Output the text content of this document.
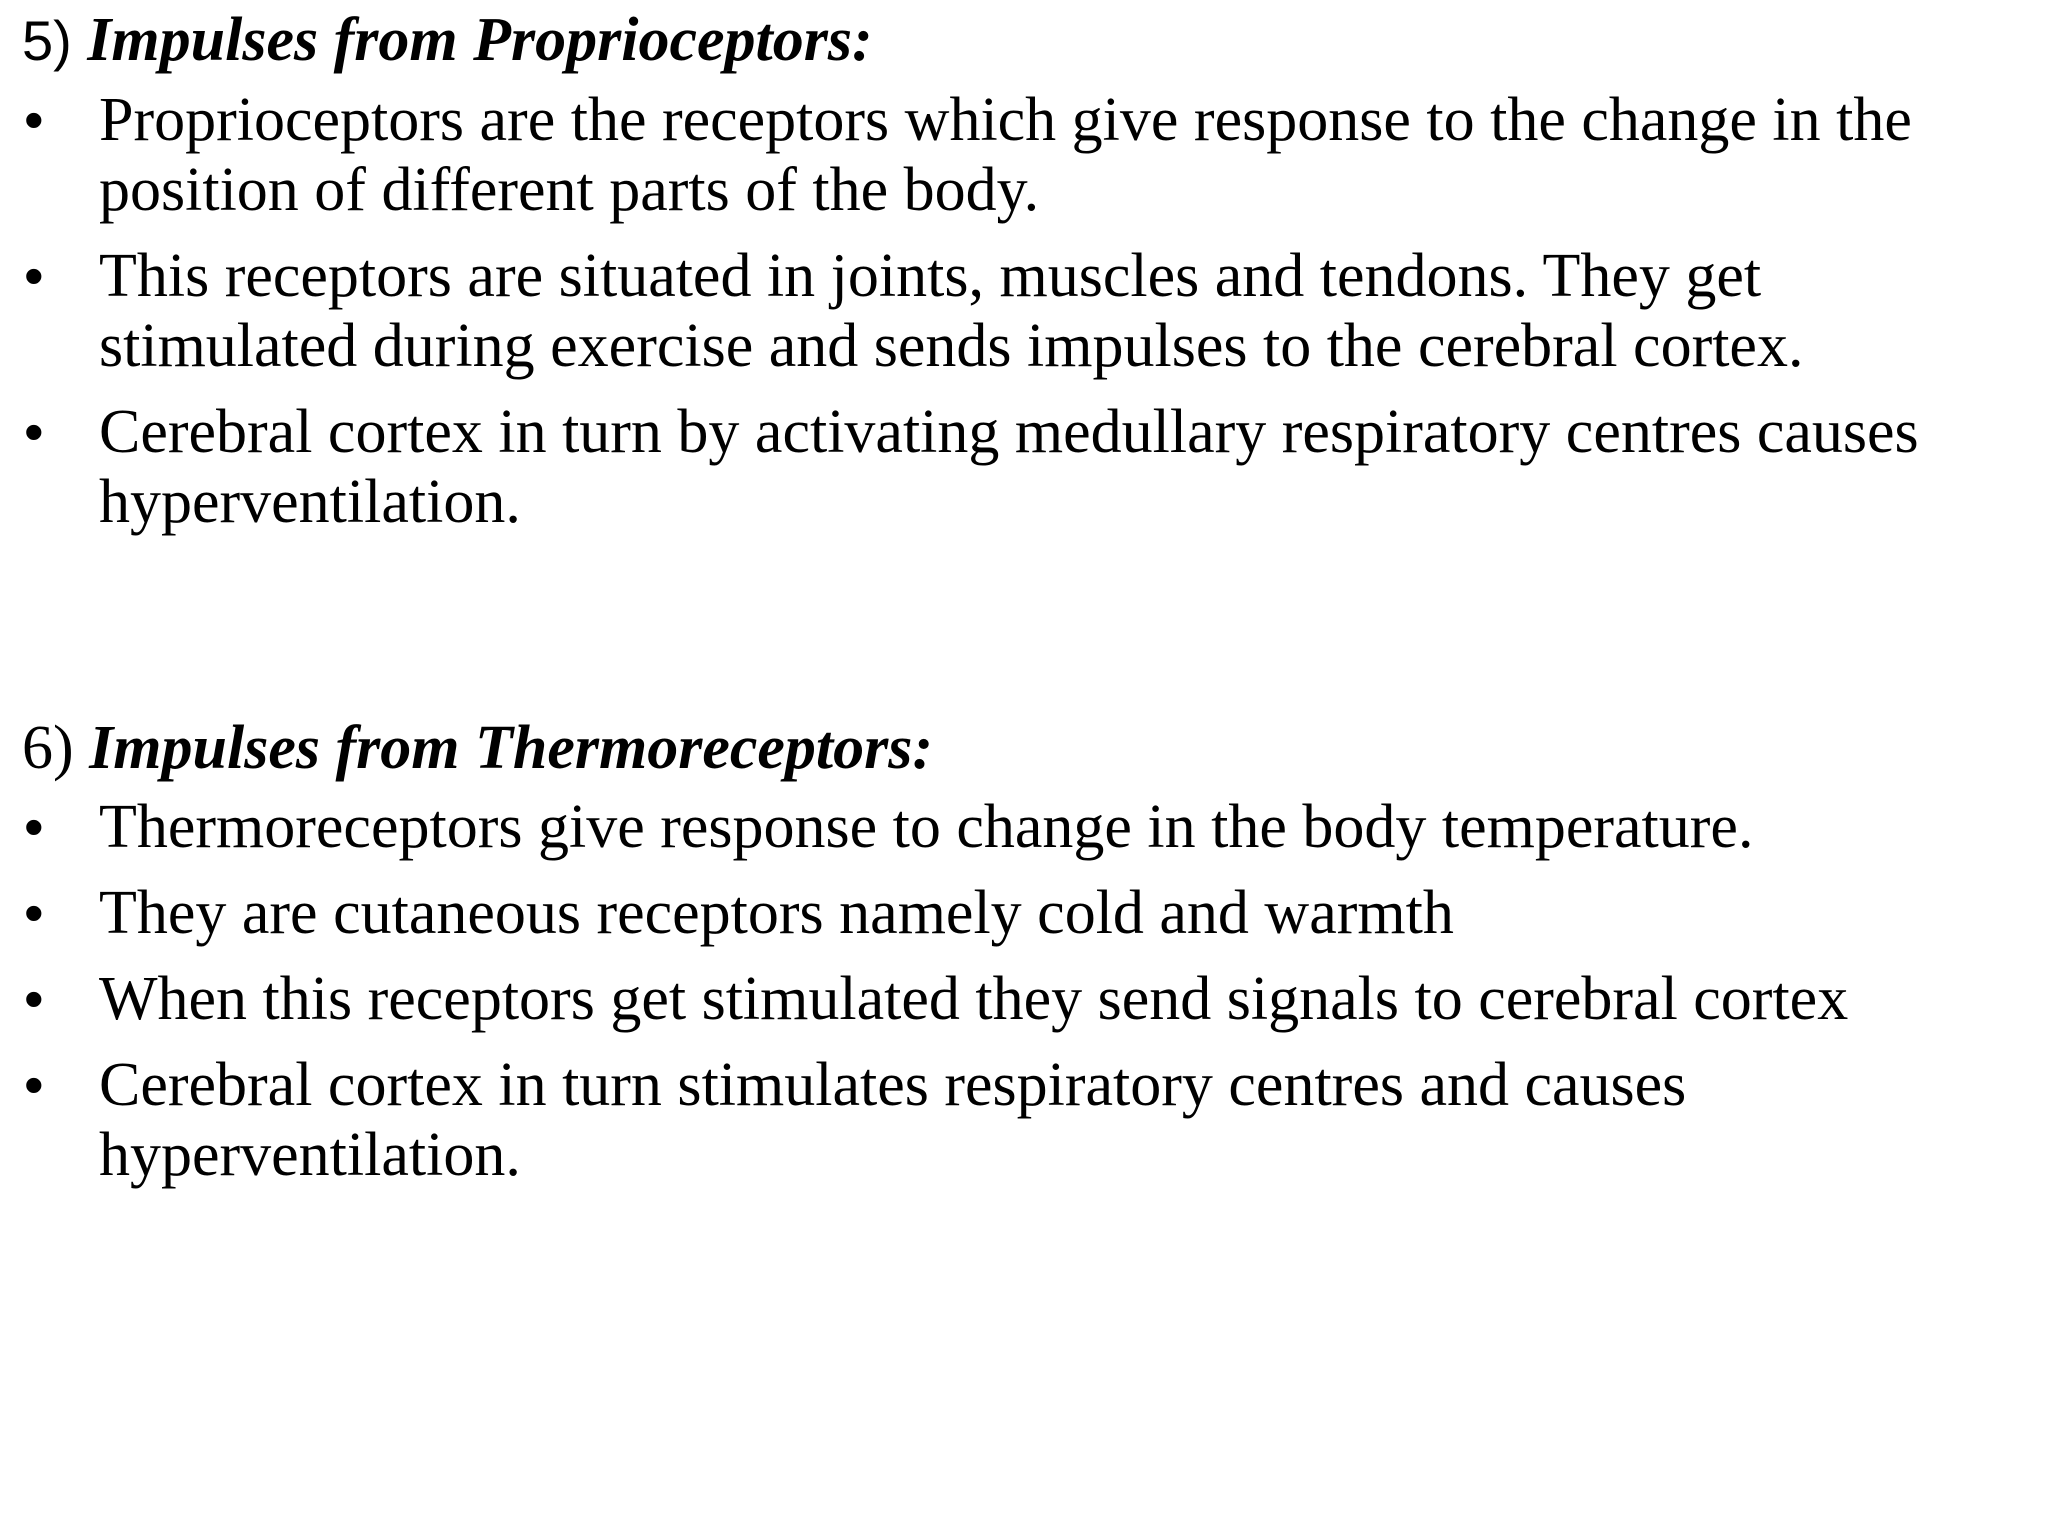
5) Impulses from Proprioceptors:
• Proprioceptors are the receptors which give response to the change in the position of different parts of the body.
• This receptors are situated in joints, muscles and tendons. They get stimulated during exercise and sends impulses to the cerebral cortex.
• Cerebral cortex in turn by activating medullary respiratory centres causes hyperventilation.
6) Impulses from Thermoreceptors:
• Thermoreceptors give response to change in the body temperature.
• They are cutaneous receptors namely cold and warmth
• When this receptors get stimulated they send signals to cerebral cortex
• Cerebral cortex in turn stimulates respiratory centres and causes hyperventilation.
